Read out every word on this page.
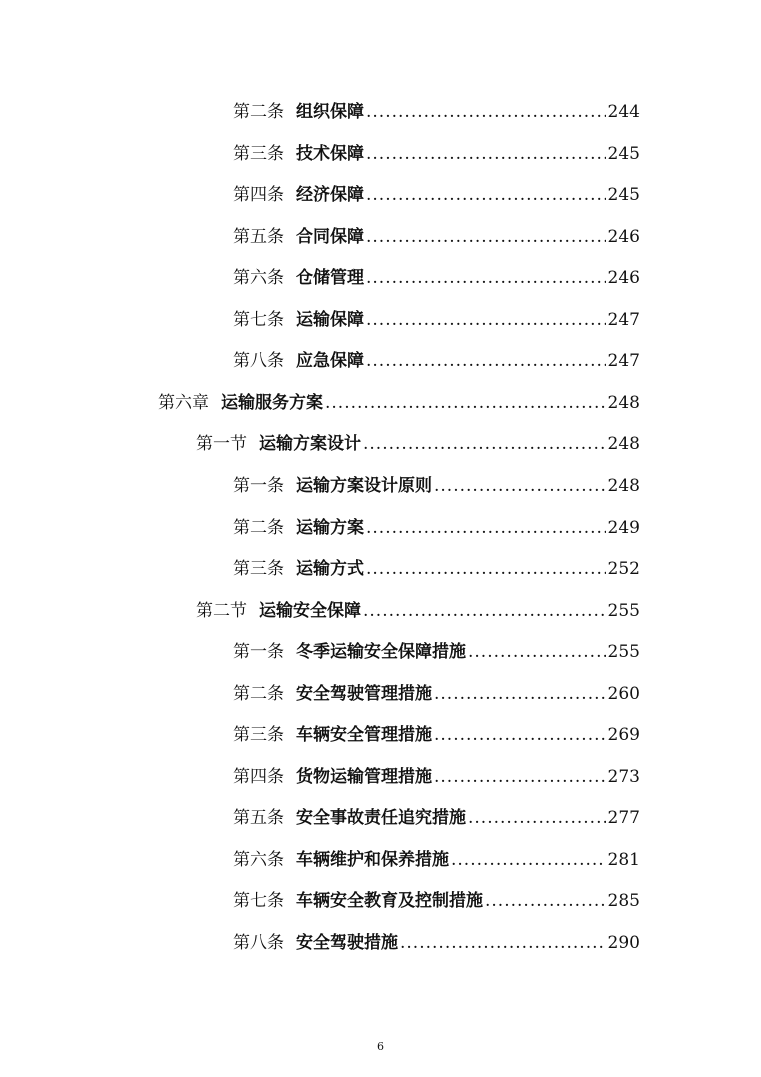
第二条 组织保障 .....	244
第三条 技术保障 .....	245
第四条 经济保障 .....	245
第五条 合同保障 .....	246
第六条 仓储管理 .....	246
第七条 运输保障 .....	247
第八条 应急保障 .....	247
第六章 运输服务方案 .....	248
第一节 运输方案设计 .....	248
第一条 运输方案设计原则 .....	248
第二条 运输方案 .....	249
第三条 运输方式 .....	252
第二节 运输安全保障 .....	255
第一条 冬季运输安全保障措施 .....	255
第二条 安全驾驶管理措施 .....	260
第三条 车辆安全管理措施 .....	269
第四条 货物运输管理措施 .....	273
第五条 安全事故责任追究措施 .....	277
第六条 车辆维护和保养措施 .....	281
第七条 车辆安全教育及控制措施 .....	285
第八条 安全驾驶措施 .....	290
6
